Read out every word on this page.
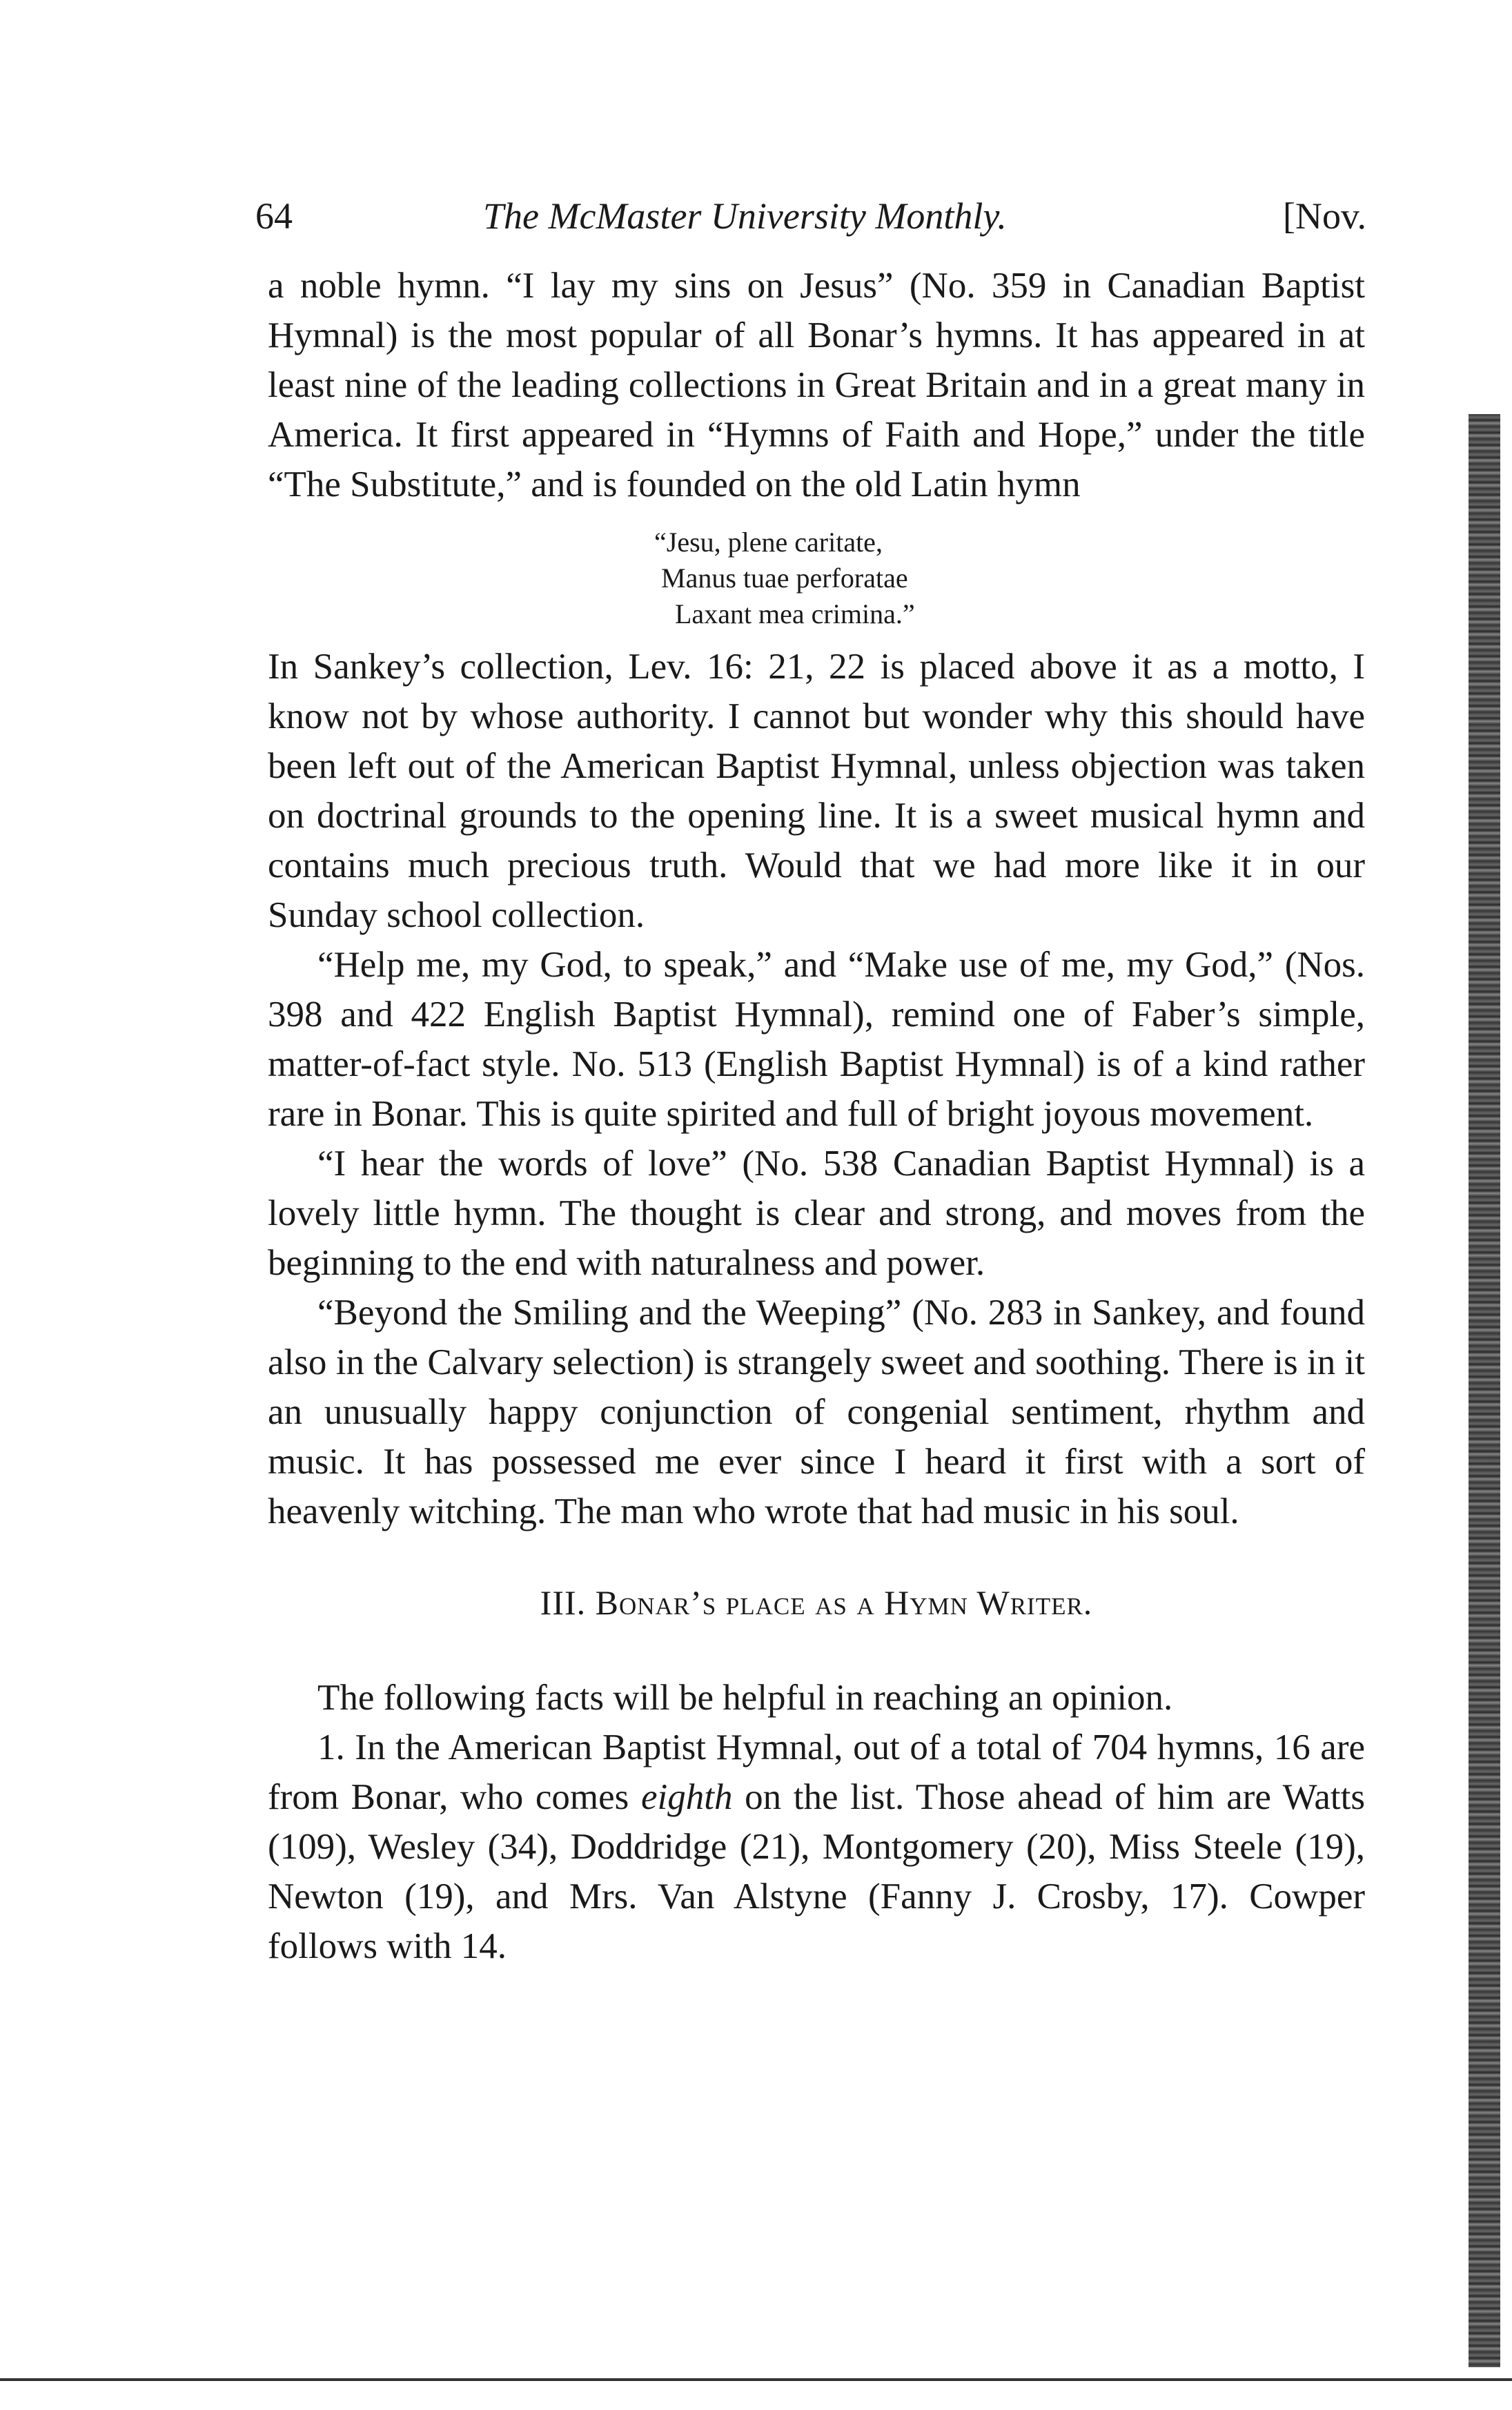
64	The McMaster University Monthly.	[Nov.

a noble hymn. “I lay my sins on Jesus” (No. 359 in Canadian Baptist Hymnal) is the most popular of all Bonar’s hymns. It has appeared in at least nine of the leading collections in Great Britain and in a great many in America. It first appeared in “Hymns of Faith and Hope,” under the title “The Substitute,” and is founded on the old Latin hymn

“Jesu, plene caritate,
Manus tuae perforatae
Laxant mea crimina.”

In Sankey’s collection, Lev. 16: 21, 22 is placed above it as a motto, I know not by whose authority. I cannot but wonder why this should have been left out of the American Baptist Hymnal, unless objection was taken on doctrinal grounds to the opening line. It is a sweet musical hymn and contains much precious truth. Would that we had more like it in our Sunday school collection.

“Help me, my God, to speak,” and “Make use of me, my God,” (Nos. 398 and 422 English Baptist Hymnal), remind one of Faber’s simple, matter-of-fact style. No. 513 (English Baptist Hymnal) is of a kind rather rare in Bonar. This is quite spirited and full of bright joyous movement.

“I hear the words of love” (No. 538 Canadian Baptist Hymnal) is a lovely little hymn. The thought is clear and strong, and moves from the beginning to the end with naturalness and power.

“Beyond the Smiling and the Weeping” (No. 283 in Sankey, and found also in the Calvary selection) is strangely sweet and soothing. There is in it an unusually happy conjunction of congenial sentiment, rhythm and music. It has possessed me ever since I heard it first with a sort of heavenly witching. The man who wrote that had music in his soul.

III. Bonar’s place as a Hymn Writer.

The following facts will be helpful in reaching an opinion.

1. In the American Baptist Hymnal, out of a total of 704 hymns, 16 are from Bonar, who comes eighth on the list. Those ahead of him are Watts (109), Wesley (34), Doddridge (21), Montgomery (20), Miss Steele (19), Newton (19), and Mrs. Van Alstyne (Fanny J. Crosby, 17). Cowper follows with 14.
